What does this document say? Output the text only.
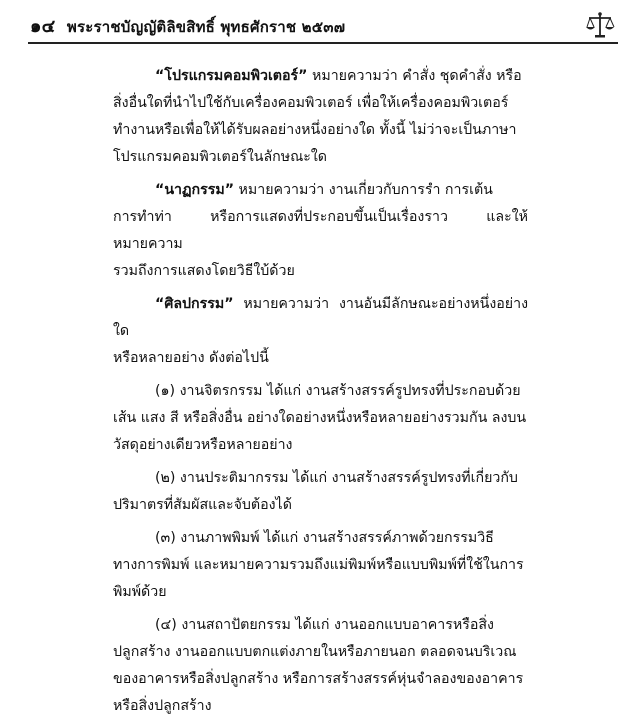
๑๔ พระราชบัญญัติลิขสิทธิ์ พุทธศักราช ๒๕๓๗
“โปรแกรมคอมพิวเตอร์” หมายความว่า คำสั่ง ชุดคำสั่ง หรือ
สิ่งอื่นใดที่นำไปใช้กับเครื่องคอมพิวเตอร์ เพื่อให้เครื่องคอมพิวเตอร์
ทำงานหรือเพื่อให้ได้รับผลอย่างหนึ่งอย่างใด ทั้งนี้ ไม่ว่าจะเป็นภาษา
โปรแกรมคอมพิวเตอร์ในลักษณะใด
“นาฏกรรม” หมายความว่า งานเกี่ยวกับการรำ การเต้น
การทำท่า หรือการแสดงที่ประกอบขึ้นเป็นเรื่องราว และให้หมายความ
รวมถึงการแสดงโดยวิธีใบ้ด้วย
“ศิลปกรรม” หมายความว่า งานอันมีลักษณะอย่างหนึ่งอย่างใด
หรือหลายอย่าง ดังต่อไปนี้
(๑) งานจิตรกรรม ได้แก่ งานสร้างสรรค์รูปทรงที่ประกอบด้วย
เส้น แสง สี หรือสิ่งอื่น อย่างใดอย่างหนึ่งหรือหลายอย่างรวมกัน ลงบน
วัสดุอย่างเดียวหรือหลายอย่าง
(๒) งานประติมากรรม ได้แก่ งานสร้างสรรค์รูปทรงที่เกี่ยวกับ
ปริมาตรที่สัมผัสและจับต้องได้
(๓) งานภาพพิมพ์ ได้แก่ งานสร้างสรรค์ภาพด้วยกรรมวิธี
ทางการพิมพ์ และหมายความรวมถึงแม่พิมพ์หรือแบบพิมพ์ที่ใช้ในการ
พิมพ์ด้วย
(๔) งานสถาปัตยกรรม ได้แก่ งานออกแบบอาคารหรือสิ่ง
ปลูกสร้าง งานออกแบบตกแต่งภายในหรือภายนอก ตลอดจนบริเวณ
ของอาคารหรือสิ่งปลูกสร้าง หรือการสร้างสรรค์หุ่นจำลองของอาคาร
หรือสิ่งปลูกสร้าง
